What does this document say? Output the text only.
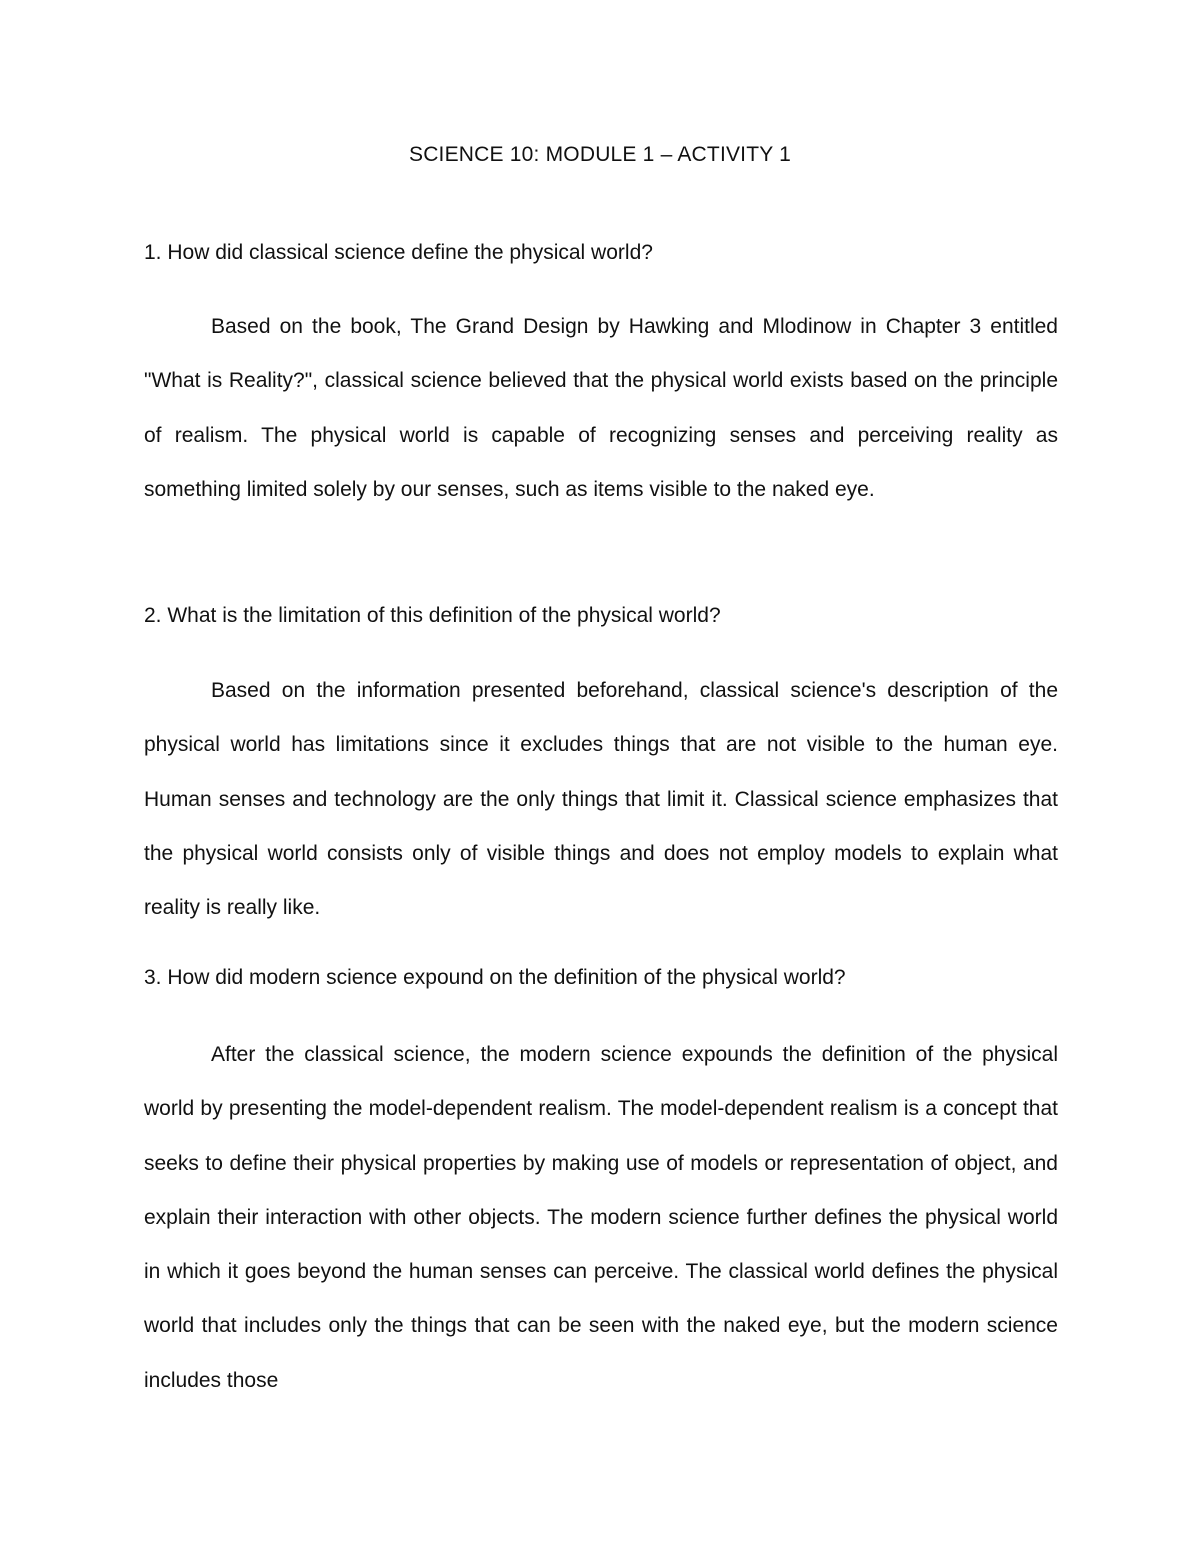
SCIENCE 10: MODULE 1 – ACTIVITY 1
1. How did classical science define the physical world?

Based on the book, The Grand Design by Hawking and Mlodinow in Chapter 3 entitled "What is Reality?", classical science believed that the physical world exists based on the principle of realism. The physical world is capable of recognizing senses and perceiving reality as something limited solely by our senses, such as items visible to the naked eye.

2. What is the limitation of this definition of the physical world?

Based on the information presented beforehand, classical science's description of the physical world has limitations since it excludes things that are not visible to the human eye. Human senses and technology are the only things that limit it. Classical science emphasizes that the physical world consists only of visible things and does not employ models to explain what reality is really like.

3. How did modern science expound on the definition of the physical world?

After the classical science, the modern science expounds the definition of the physical world by presenting the model-dependent realism. The model-dependent realism is a concept that seeks to define their physical properties by making use of models or representation of object, and explain their interaction with other objects. The modern science further defines the physical world in which it goes beyond the human senses can perceive. The classical world defines the physical world that includes only the things that can be seen with the naked eye, but the modern science includes those
